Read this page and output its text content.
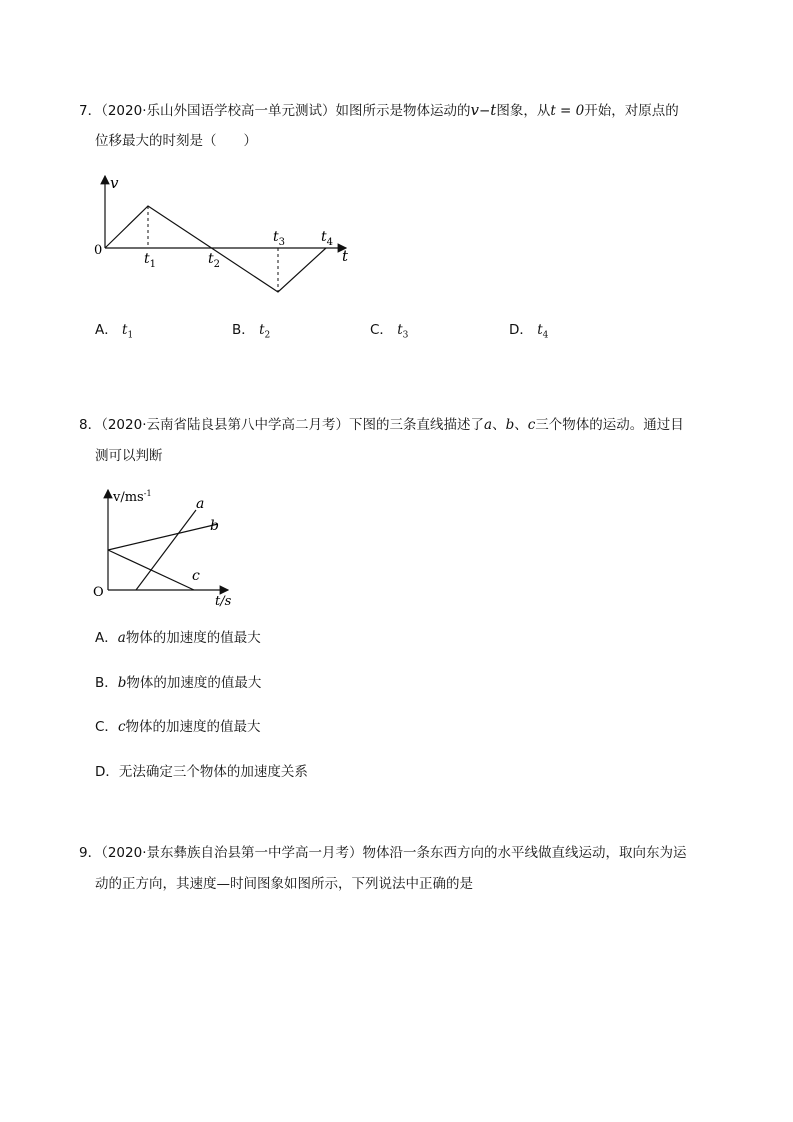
7．（2020·乐山外国语学校高一单元测试）如图所示是物体运动的v−t图象，从t = 0开始，对原点的
位移最大的时刻是（　　）
v
0	t
$t_1$	$t_2$
$t_3$	$t_4$
A． $t_1$	B． $t_2$	C． $t_3$	D． $t_4$
8．（2020·云南省陆良县第八中学高二月考）下图的三条直线描述了a、b、c三个物体的运动。通过目
测可以判断
$v/ms^{-1}$
O
t/s
a
b
c
A．a物体的加速度的值最大
B．b物体的加速度的值最大
C．c物体的加速度的值最大
D．无法确定三个物体的加速度关系
9．（2020·景东彝族自治县第一中学高一月考）物体沿一条东西方向的水平线做直线运动，取向东为运
动的正方向，其速度—时间图象如图所示，下列说法中正确的是
